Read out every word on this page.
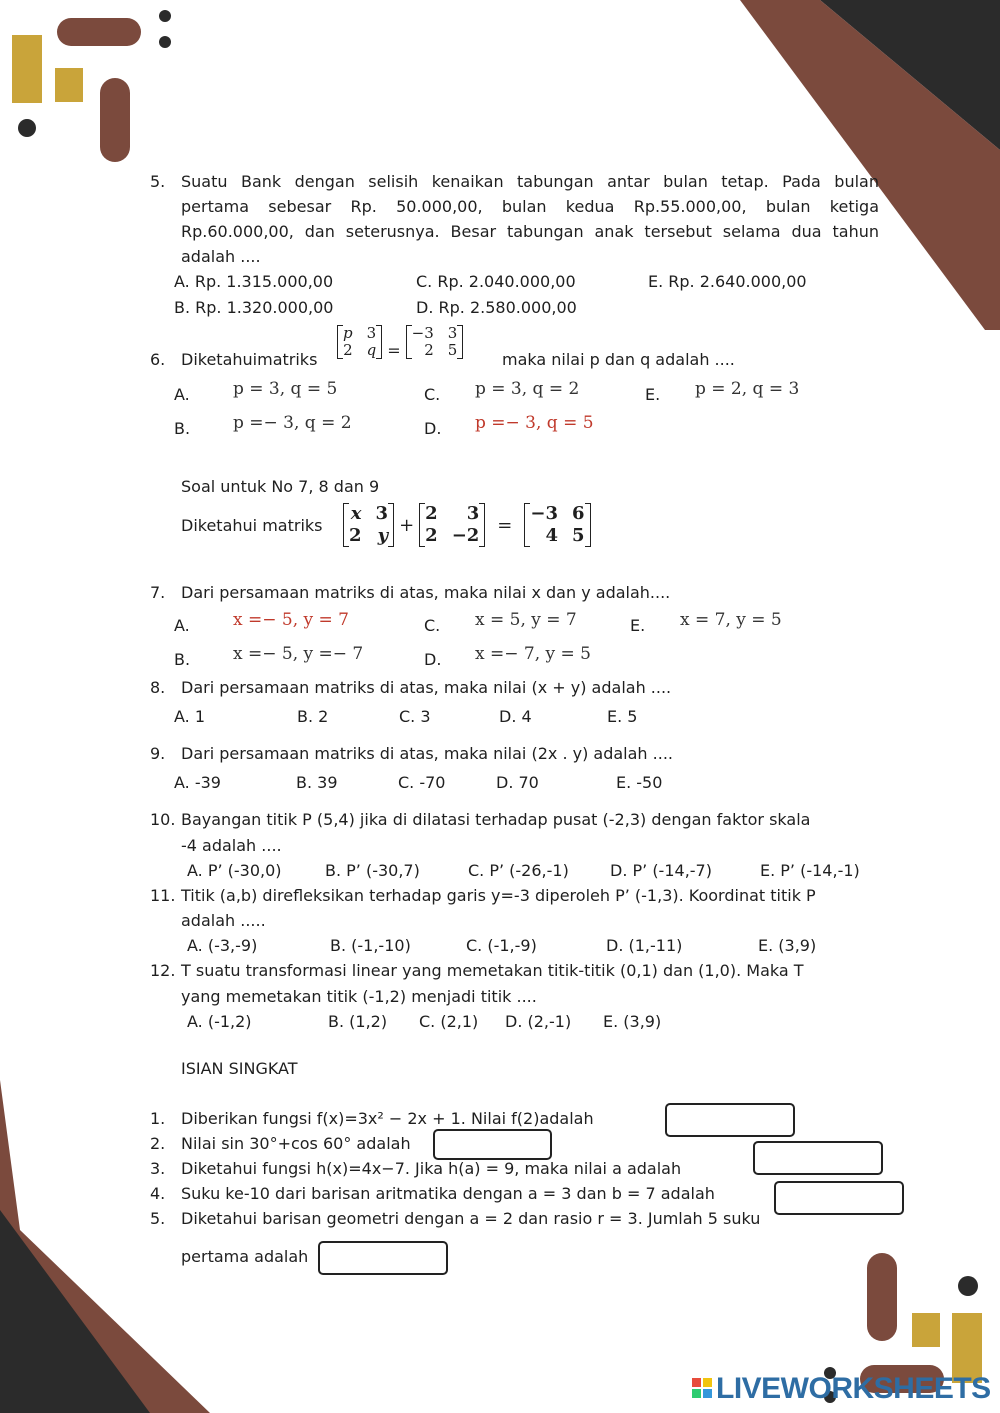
5. Suatu Bank dengan selisih kenaikan tabungan antar bulan tetap. Pada bulan
pertama sebesar Rp. 50.000,00, bulan kedua Rp.55.000,00, bulan ketiga
Rp.60.000,00, dan seterusnya. Besar tabungan anak tersebut selama dua tahun
adalah ....
A. Rp. 1.315.000,00	C. Rp. 2.040.000,00	E. Rp. 2.640.000,00
B. Rp. 1.320.000,00	D. Rp. 2.580.000,00
6. Diketahuimatriks
p 3
2 q =
−3 3
2 5
maka nilai p dan q adalah ....
A.	p = 3, q = 5	C. p = 3, q = 2	E. p = 2, q = 3
B.	p =− 3, q = 2	D. p =− 3, q = 5
Soal untuk No 7, 8 dan 9
Diketahui matriks
x 3
2 y +
2	3
2 −2 =
−3 6
4 5
7. Dari persamaan matriks di atas, maka nilai x dan y adalah....
A.	x =− 5, y = 7	C. x = 5, y = 7	E. x = 7, y = 5
B.	x =− 5, y =− 7	D. x =− 7, y = 5
8. Dari persamaan matriks di atas, maka nilai (x + y) adalah ....
A. 1	B. 2	C. 3	D. 4	E. 5
9. Dari persamaan matriks di atas, maka nilai (2x . y) adalah ....
A. -39	B. 39	C. -70	D. 70	E. -50
10. Bayangan titik P (5,4) jika di dilatasi terhadap pusat (-2,3) dengan faktor skala
-4 adalah ....
A. P’ (-30,0)	B. P’ (-30,7)	C. P’ (-26,-1)	D. P’ (-14,-7)	E. P’ (-14,-1)
11. Titik (a,b) direfleksikan terhadap garis y=-3 diperoleh P’ (-1,3). Koordinat titik P
adalah .....
A. (-3,-9)	B. (-1,-10)	C. (-1,-9)	D. (1,-11)	E. (3,9)
12. T suatu transformasi linear yang memetakan titik-titik (0,1) dan (1,0). Maka T
yang memetakan titik (-1,2) menjadi titik ....
A. (-1,2)	B. (1,2) C. (2,1) D. (2,-1) E. (3,9)
ISIAN SINGKAT
1. Diberikan fungsi f(x)=3x² − 2x + 1. Nilai f(2)adalah
2. Nilai sin 30°+cos 60° adalah
3. Diketahui fungsi h(x)=4x−7. Jika h(a) = 9, maka nilai a adalah
4. Suku ke-10 dari barisan aritmatika dengan a = 3 dan b = 7 adalah
5. Diketahui barisan geometri dengan a = 2 dan rasio r = 3. Jumlah 5 suku
pertama adalah
LIVEWORKSHEETS
